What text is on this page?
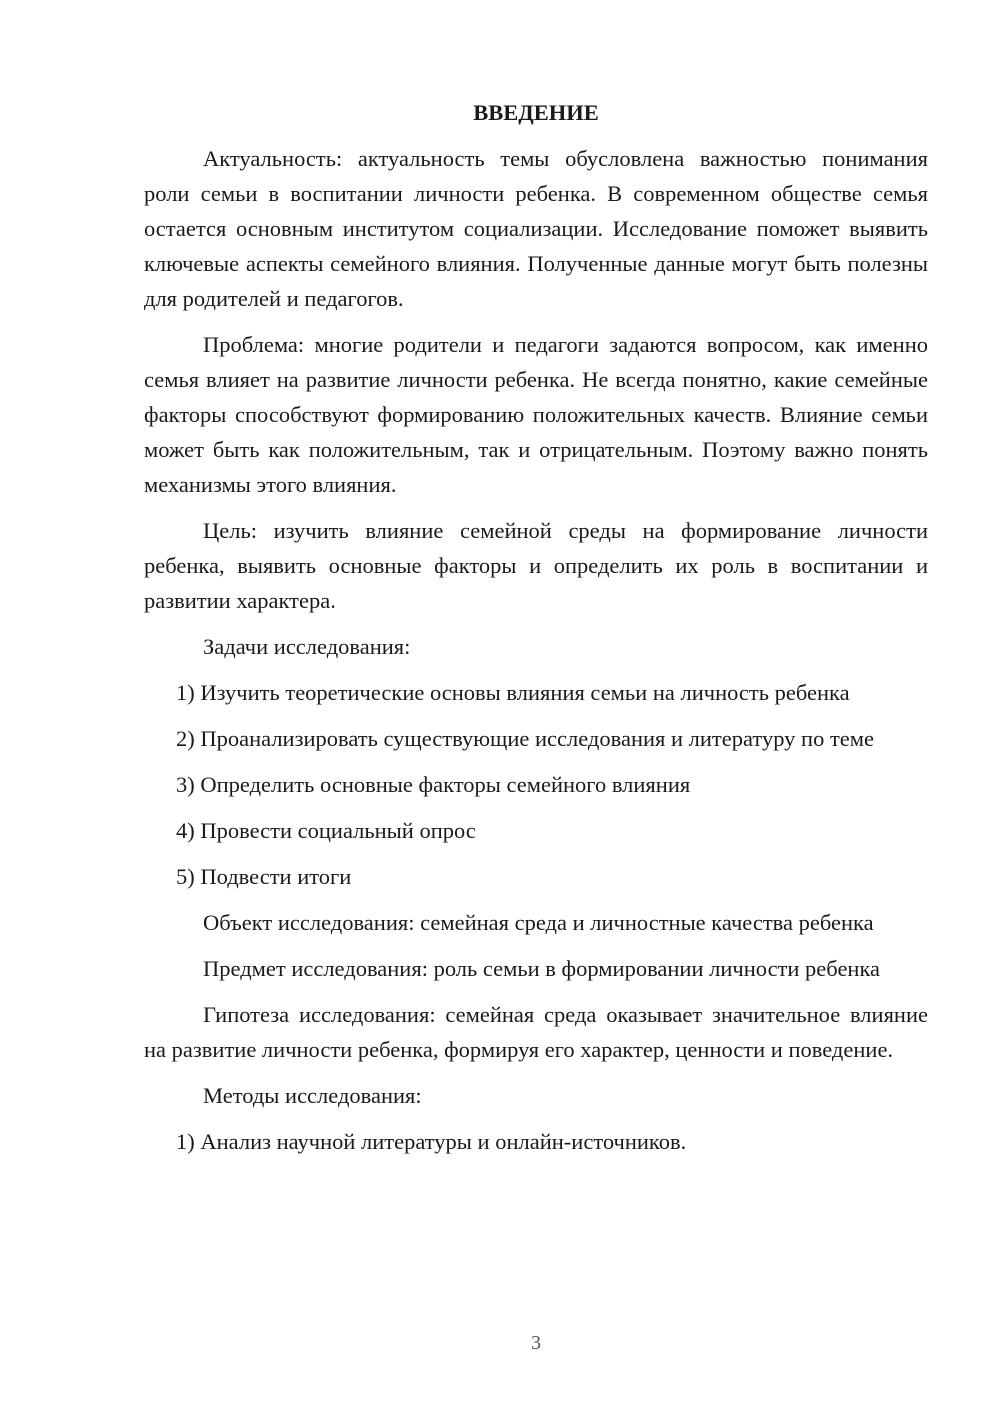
ВВЕДЕНИЕ

Актуальность: актуальность темы обусловлена важностью понимания роли семьи в воспитании личности ребенка. В современном обществе семья остается основным институтом социализации. Исследование поможет выявить ключевые аспекты семейного влияния. Полученные данные могут быть полезны для родителей и педагогов.

Проблема: многие родители и педагоги задаются вопросом, как именно семья влияет на развитие личности ребенка. Не всегда понятно, какие семейные факторы способствуют формированию положительных качеств. Влияние семьи может быть как положительным, так и отрицательным. Поэтому важно понять механизмы этого влияния.

Цель: изучить влияние семейной среды на формирование личности ребенка, выявить основные факторы и определить их роль в воспитании и развитии характера.

Задачи исследования:

1) Изучить теоретические основы влияния семьи на личность ребенка

2) Проанализировать существующие исследования и литературу по теме

3) Определить основные факторы семейного влияния

4) Провести социальный опрос

5) Подвести итоги

Объект исследования: семейная среда и личностные качества ребенка

Предмет исследования: роль семьи в формировании личности ребенка

Гипотеза исследования: семейная среда оказывает значительное влияние на развитие личности ребенка, формируя его характер, ценности и поведение.

Методы исследования:

1) Анализ научной литературы и онлайн-источников.

3
